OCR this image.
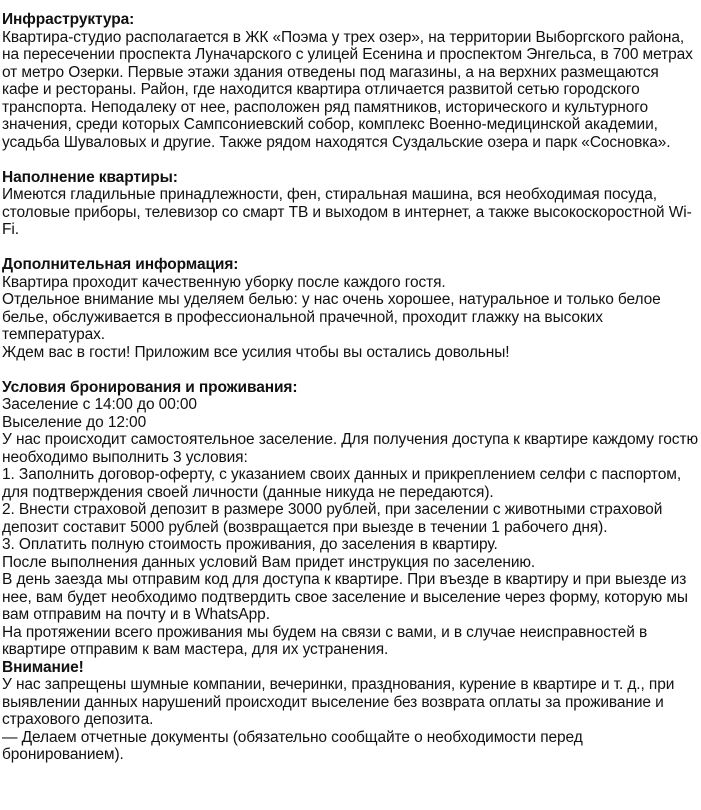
Инфраструктура:

Квартира-студио располагается в ЖК «Поэма у трех озер», на территории Выборгского района, на пересечении проспекта Луначарского с улицей Есенина и проспектом Энгельса, в 700 метрах от метро Озерки. Первые этажи здания отведены под магазины, а на верхних размещаются кафе и рестораны. Район, где находится квартира отличается развитой сетью городского транспорта. Неподалеку от нее, расположен ряд памятников, исторического и культурного значения, среди которых Сампсониевский собор, комплекс Военно-медицинской академии, усадьба Шуваловых и другие. Также рядом находятся Суздальские озера и парк «Сосновка».

Наполнение квартиры:

Имеются гладильные принадлежности, фен, стиральная машина, вся необходимая посуда, столовые приборы, телевизор со смарт ТВ и выходом в интернет, а также высокоскоростной Wi-Fi.

Дополнительная информация:

Квартира проходит качественную уборку после каждого гостя.

Отдельное внимание мы уделяем белью: у нас очень хорошее, натуральное и только белое белье, обслуживается в профессиональной прачечной, проходит глажку на высоких температурах.

Ждем вас в гости! Приложим все усилия чтобы вы остались довольны!

Условия бронирования и проживания:

Заселение с 14:00 до 00:00

Выселение до 12:00

У нас происходит самостоятельное заселение. Для получения доступа к квартире каждому гостю необходимо выполнить 3 условия:

1. Заполнить договор-оферту, с указанием своих данных и прикреплением селфи с паспортом, для подтверждения своей личности (данные никуда не передаются).

2. Внести страховой депозит в размере 3000 рублей, при заселении с животными страховой депозит составит 5000 рублей (возвращается при выезде в течении 1 рабочего дня).

3. Оплатить полную стоимость проживания, до заселения в квартиру.

После выполнения данных условий Вам придет инструкция по заселению.

В день заезда мы отправим код для доступа к квартире. При въезде в квартиру и при выезде из нее, вам будет необходимо подтвердить свое заселение и выселение через форму, которую мы вам отправим на почту и в WhatsApp.

На протяжении всего проживания мы будем на связи с вами, и в случае неисправностей в квартире отправим к вам мастера, для их устранения.

Внимание!

У нас запрещены шумные компании, вечеринки, празднования, курение в квартире и т. д., при выявлении данных нарушений происходит выселение без возврата оплаты за проживание и страхового депозита.

— Делаем отчетные документы (обязательно сообщайте о необходимости перед бронированием).
